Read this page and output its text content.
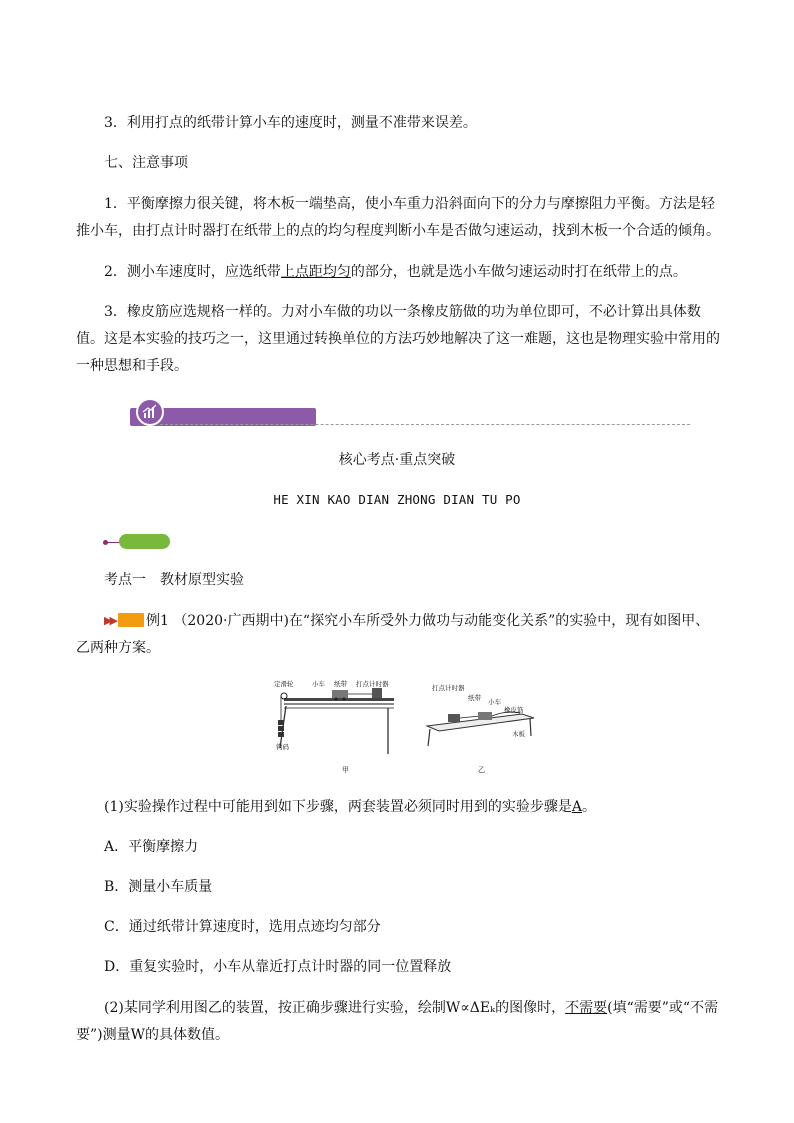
3．利用打点的纸带计算小车的速度时，测量不准带来误差。

七、注意事项

1．平衡摩擦力很关键，将木板一端垫高，使小车重力沿斜面向下的分力与摩擦阻力平衡。方法是轻推小车，由打点计时器打在纸带上的点的均匀程度判断小车是否做匀速运动，找到木板一个合适的倾角。

2．测小车速度时，应选纸带上点距均匀的部分，也就是选小车做匀速运动时打在纸带上的点。

3．橡皮筋应选规格一样的。力对小车做的功以一条橡皮筋做的功为单位即可，不必计算出具体数值。这是本实验的技巧之一，这里通过转换单位的方法巧妙地解决了这一难题，这也是物理实验中常用的一种思想和手段。

核心考点·重点突破

HE XIN KAO DIAN ZHONG DIAN TU PO

考点一　教材原型实验

▶▶	例1 （2020·广西期中)在“探究小车所受外力做功与动能变化关系”的实验中，现有如图甲、乙两种方案。

定滑轮	小车 纸带 打点计时器
钩码
甲
打点计时器
纸带 小车
橡皮筋
木板
乙

(1)实验操作过程中可能用到如下步骤，两套装置必须同时用到的实验步骤是A。

A．平衡摩擦力

B．测量小车质量

C．通过纸带计算速度时，选用点迹均匀部分

D．重复实验时，小车从靠近打点计时器的同一位置释放

(2)某同学利用图乙的装置，按正确步骤进行实验，绘制W∝ΔEₖ的图像时，不需要(填“需要”或“不需要”)测量W的具体数值。
